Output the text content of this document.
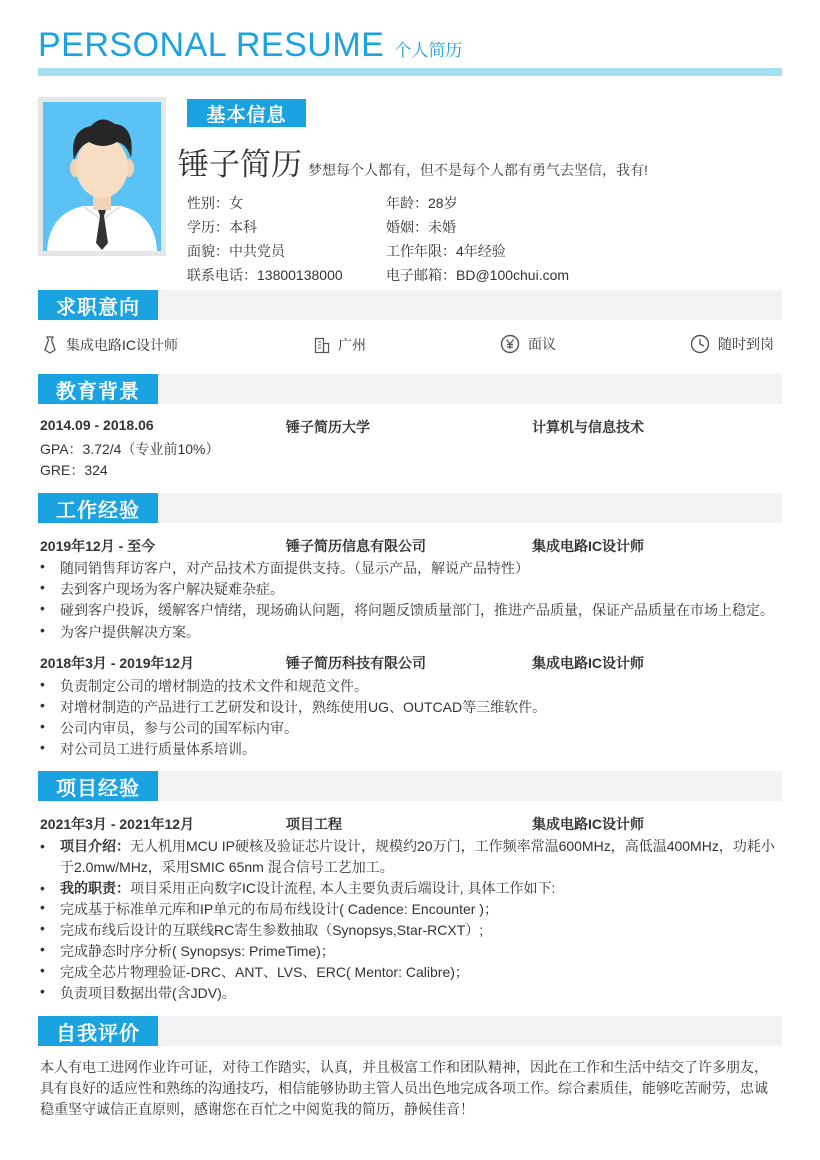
PERSONAL RESUME 个人简历
基本信息
锤子简历 梦想每个人都有，但不是每个人都有勇气去坚信，我有!
性别：女	年龄：28岁
学历：本科	婚姻：未婚
面貌：中共党员	工作年限：4年经验
联系电话：13800138000	电子邮箱：BD@100chui.com
求职意向
集成电路IC设计师	广州	面议	随时到岗
教育背景
2014.09 - 2018.06	锤子简历大学	计算机与信息技术
GPA：3.72/4（专业前10%）
GRE：324
工作经验
2019年12月 - 至今	锤子简历信息有限公司	集成电路IC设计师
随同销售拜访客户，对产品技术方面提供支持。（显示产品，解说产品特性）
去到客户现场为客户解决疑难杂症。
碰到客户投诉，缓解客户情绪，现场确认问题，将问题反馈质量部门，推进产品质量，保证产品质量在市场上稳定。
为客户提供解决方案。
2018年3月 - 2019年12月	锤子简历科技有限公司	集成电路IC设计师
负责制定公司的增材制造的技术文件和规范文件。
对增材制造的产品进行工艺研发和设计，熟练使用UG、OUTCAD等三维软件。
公司内审员，参与公司的国军标内审。
对公司员工进行质量体系培训。
项目经验
2021年3月 - 2021年12月	项目工程	集成电路IC设计师
• 项目介绍：无人机用MCU IP硬核及验证芯片设计，规模约20万门，工作频率常温600MHz，高低温400MHz，功耗小于2.0mw/MHz，采用SMIC 65nm 混合信号工艺加工。
• 我的职责：项目采用正向数字IC设计流程, 本人主要负责后端设计, 具体工作如下:
完成基于标准单元库和IP单元的布局布线设计( Cadence: Encounter )；
完成布线后设计的互联线RC寄生参数抽取（Synopsys,Star-RCXT）;
完成静态时序分析( Synopsys: PrimeTime)；
完成全芯片物理验证-DRC、ANT、LVS、ERC( Mentor: Calibre)；
负责项目数据出带(含JDV)。
自我评价
本人有电工进网作业许可证，对待工作踏实，认真，并且极富工作和团队精神，因此在工作和生活中结交了许多朋友，具有良好的适应性和熟练的沟通技巧，相信能够协助主管人员出色地完成各项工作。综合素质佳，能够吃苦耐劳，忠诚稳重坚守诚信正直原则，感谢您在百忙之中阅览我的简历，静候佳音！
